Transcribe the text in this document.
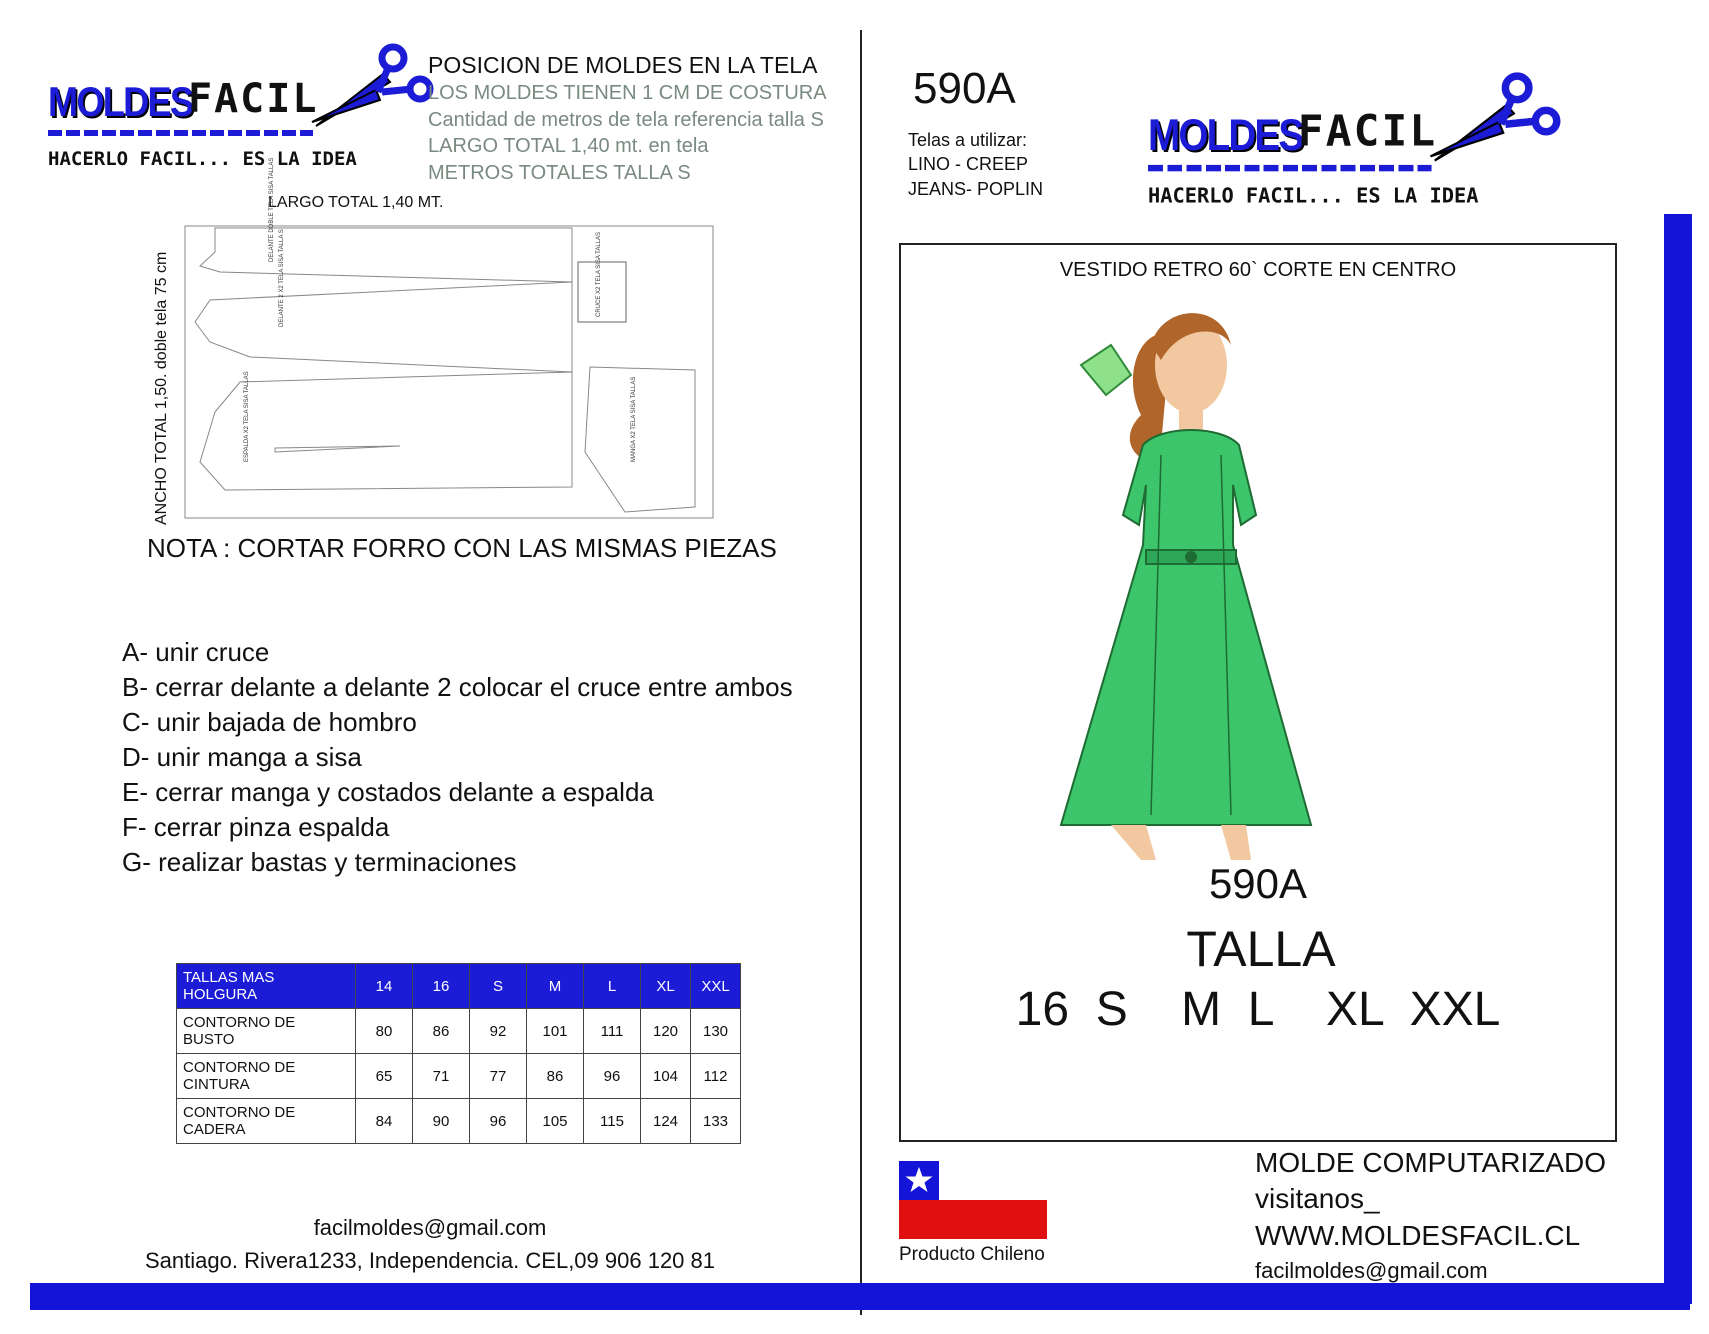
MOLDES
FACIL
HACERLO FACIL... ES LA IDEA
POSICION DE MOLDES EN LA TELA
LOS MOLDES TIENEN 1 CM DE COSTURA
Cantidad de metros de tela referencia talla S
LARGO TOTAL 1,40 mt. en tela
METROS TOTALES TALLA S
LARGO TOTAL 1,40 MT.
ANCHO TOTAL 1,50. doble tela 75 cm
DELANTE DOBLE TELA SISA TALLAS
DELANTE 2 X2 TELA SISA TALLA S
ESPALDA X2 TELA SISA TALLAS
CRUCE X2 TELA SISA TALLAS
MANGA X2 TELA SISA TALLAS
NOTA : CORTAR FORRO CON LAS MISMAS PIEZAS
A- unir cruce
B- cerrar delante a delante 2 colocar el cruce entre ambos
C- unir bajada de hombro
D- unir manga a sisa
E- cerrar manga y costados delante a espalda
F- cerrar pinza espalda
G- realizar bastas y terminaciones
TALLAS MAS HOLGURA	14	16	S	M	L	XL	XXL
CONTORNO DE BUSTO	80	86	92	101	111	120	130
CONTORNO DE CINTURA	65	71	77	86	96	104	112
CONTORNO DE CADERA	84	90	96	105	115	124	133
facilmoldes@gmail.com
Santiago. Rivera1233, Independencia. CEL,09 906 120 81
590A
Telas a utilizar:
LINO - CREEP
JEANS- POPLIN
MOLDES
FACIL
HACERLO FACIL... ES LA IDEA
VESTIDO RETRO 60` CORTE EN CENTRO
590A
TALLA
16  S    M  L    XL  XXL
Producto Chileno
MOLDE COMPUTARIZADO
visitanos_
WWW.MOLDESFACIL.CL
facilmoldes@gmail.com
